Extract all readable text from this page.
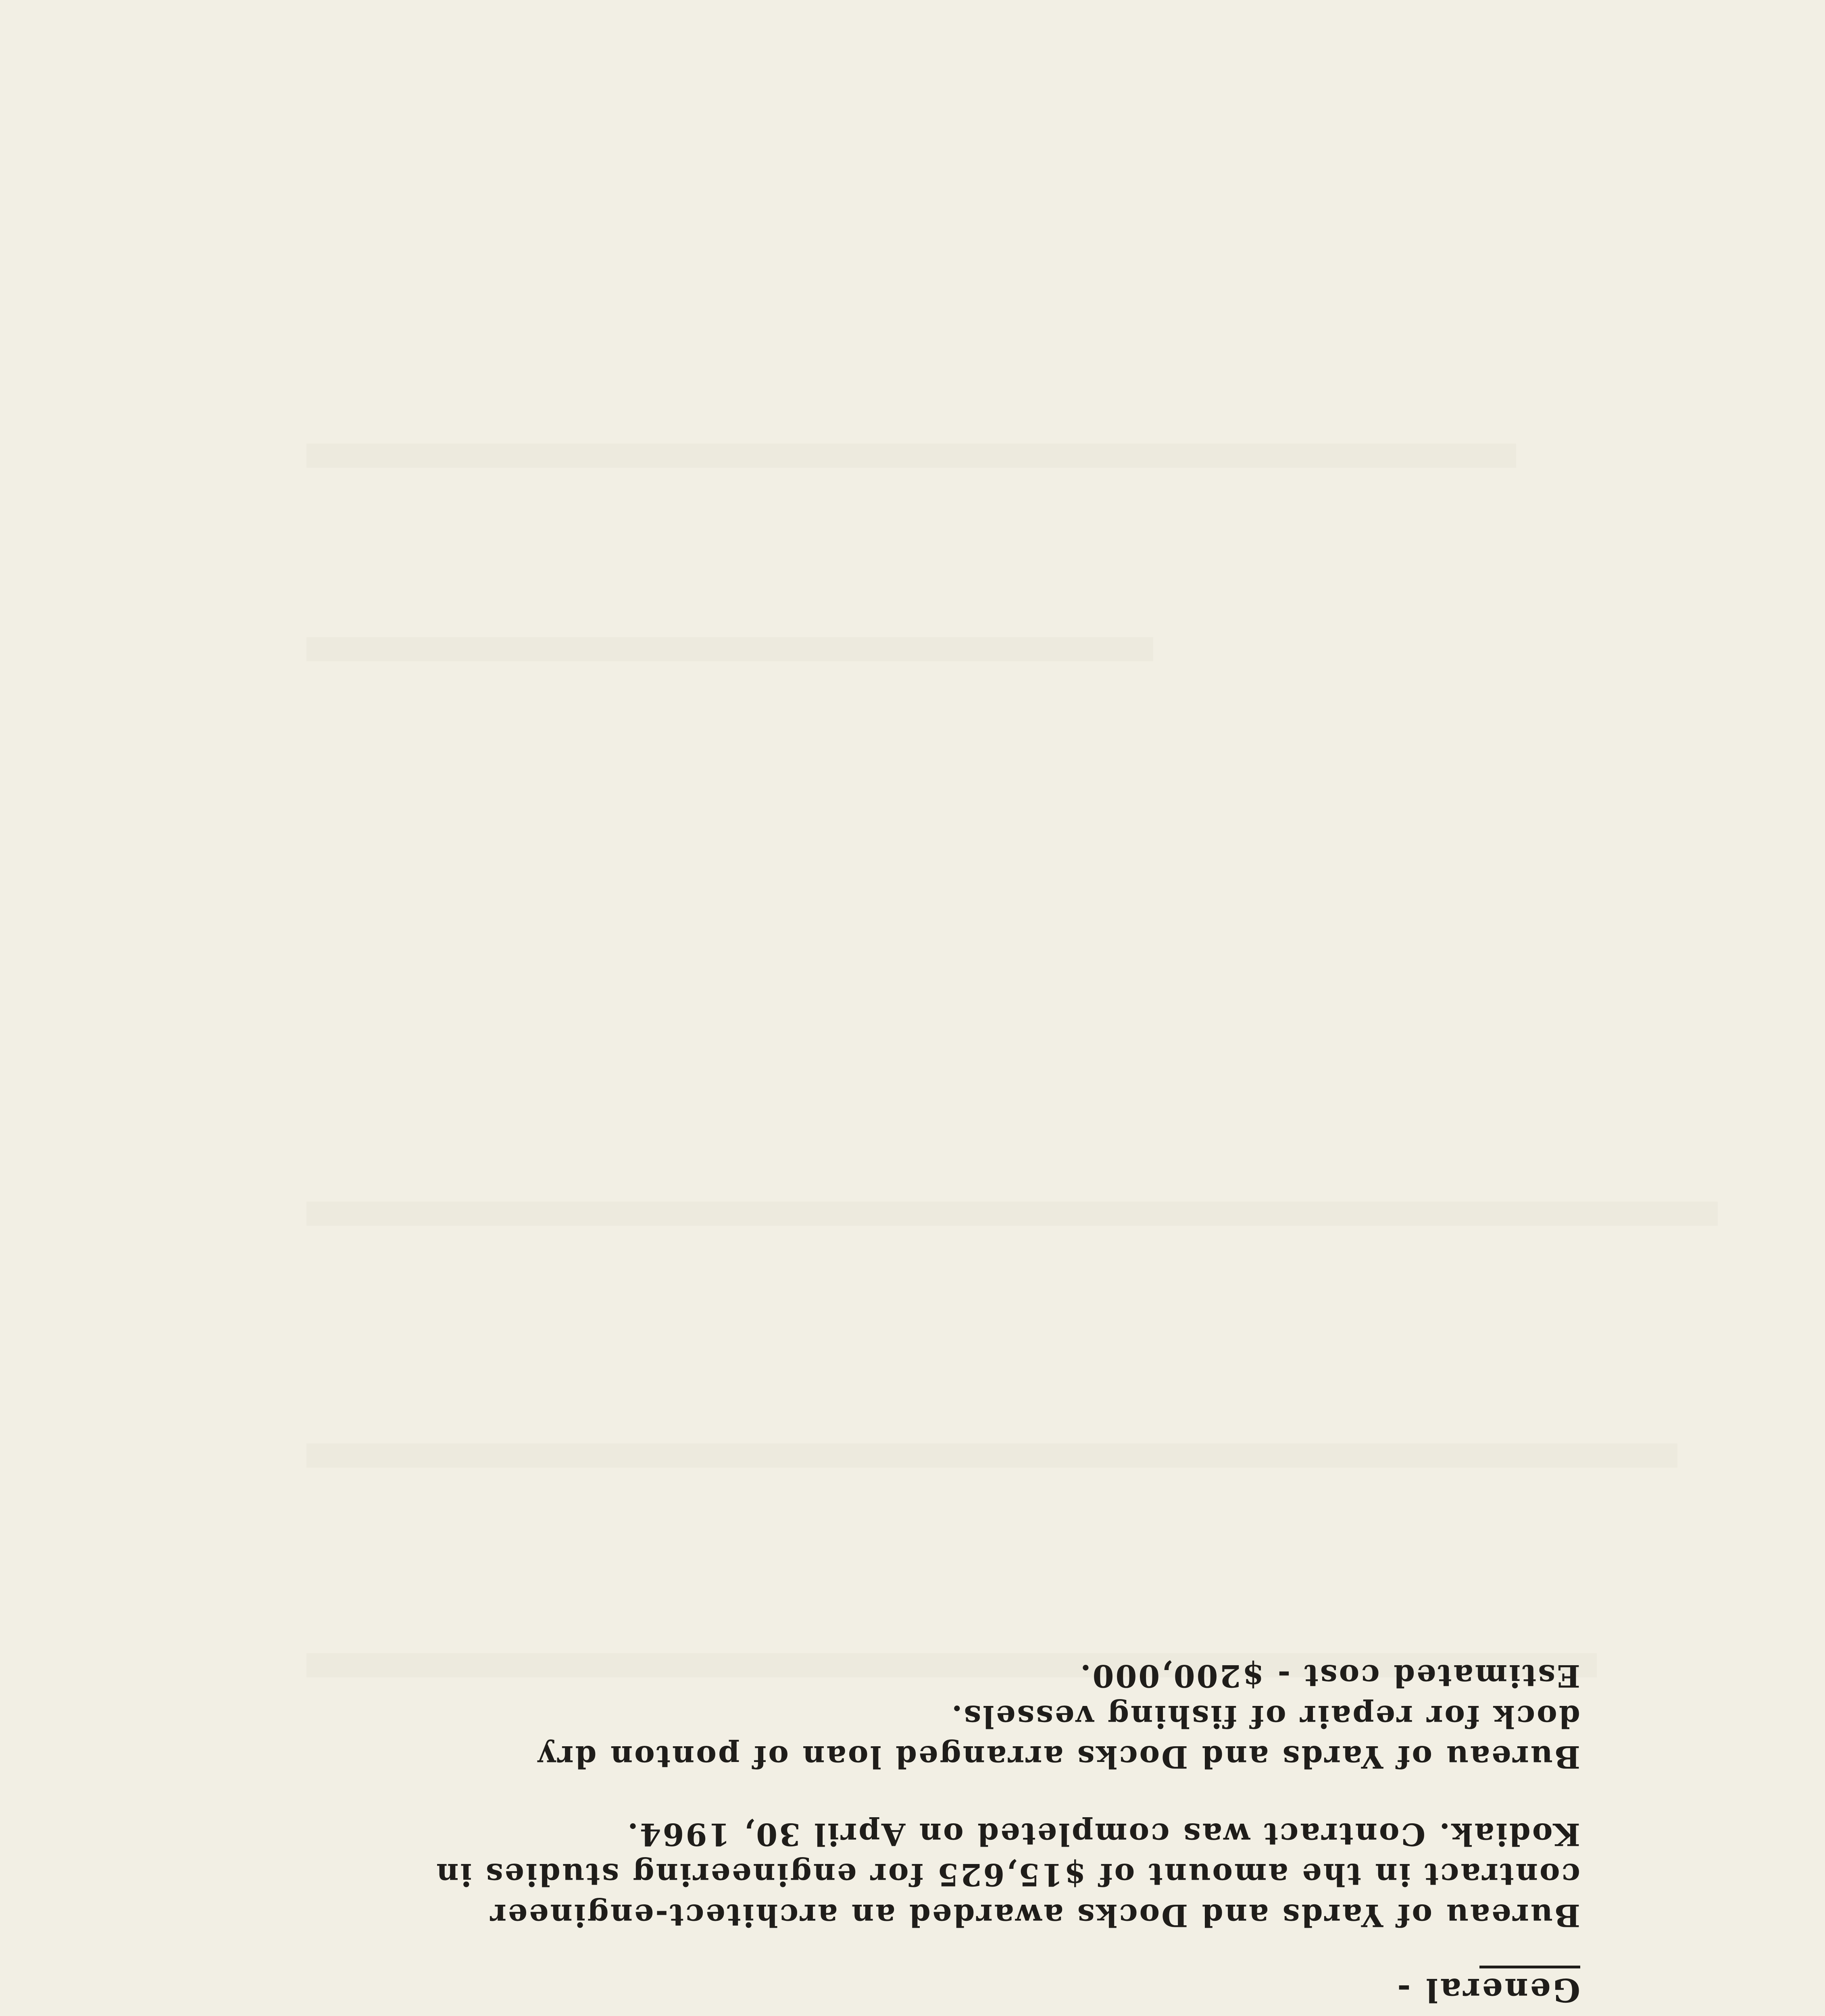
General -
Bureau of Yards and Docks awarded an architect-engineer
contract in the amount of $15,625 for engineering studies in
Kodiak. Contract was completed on April 30, 1964.
Bureau of Yards and Docks arranged loan of ponton dry
dock for repair of fishing vessels.
Estimated cost - $200,000.
